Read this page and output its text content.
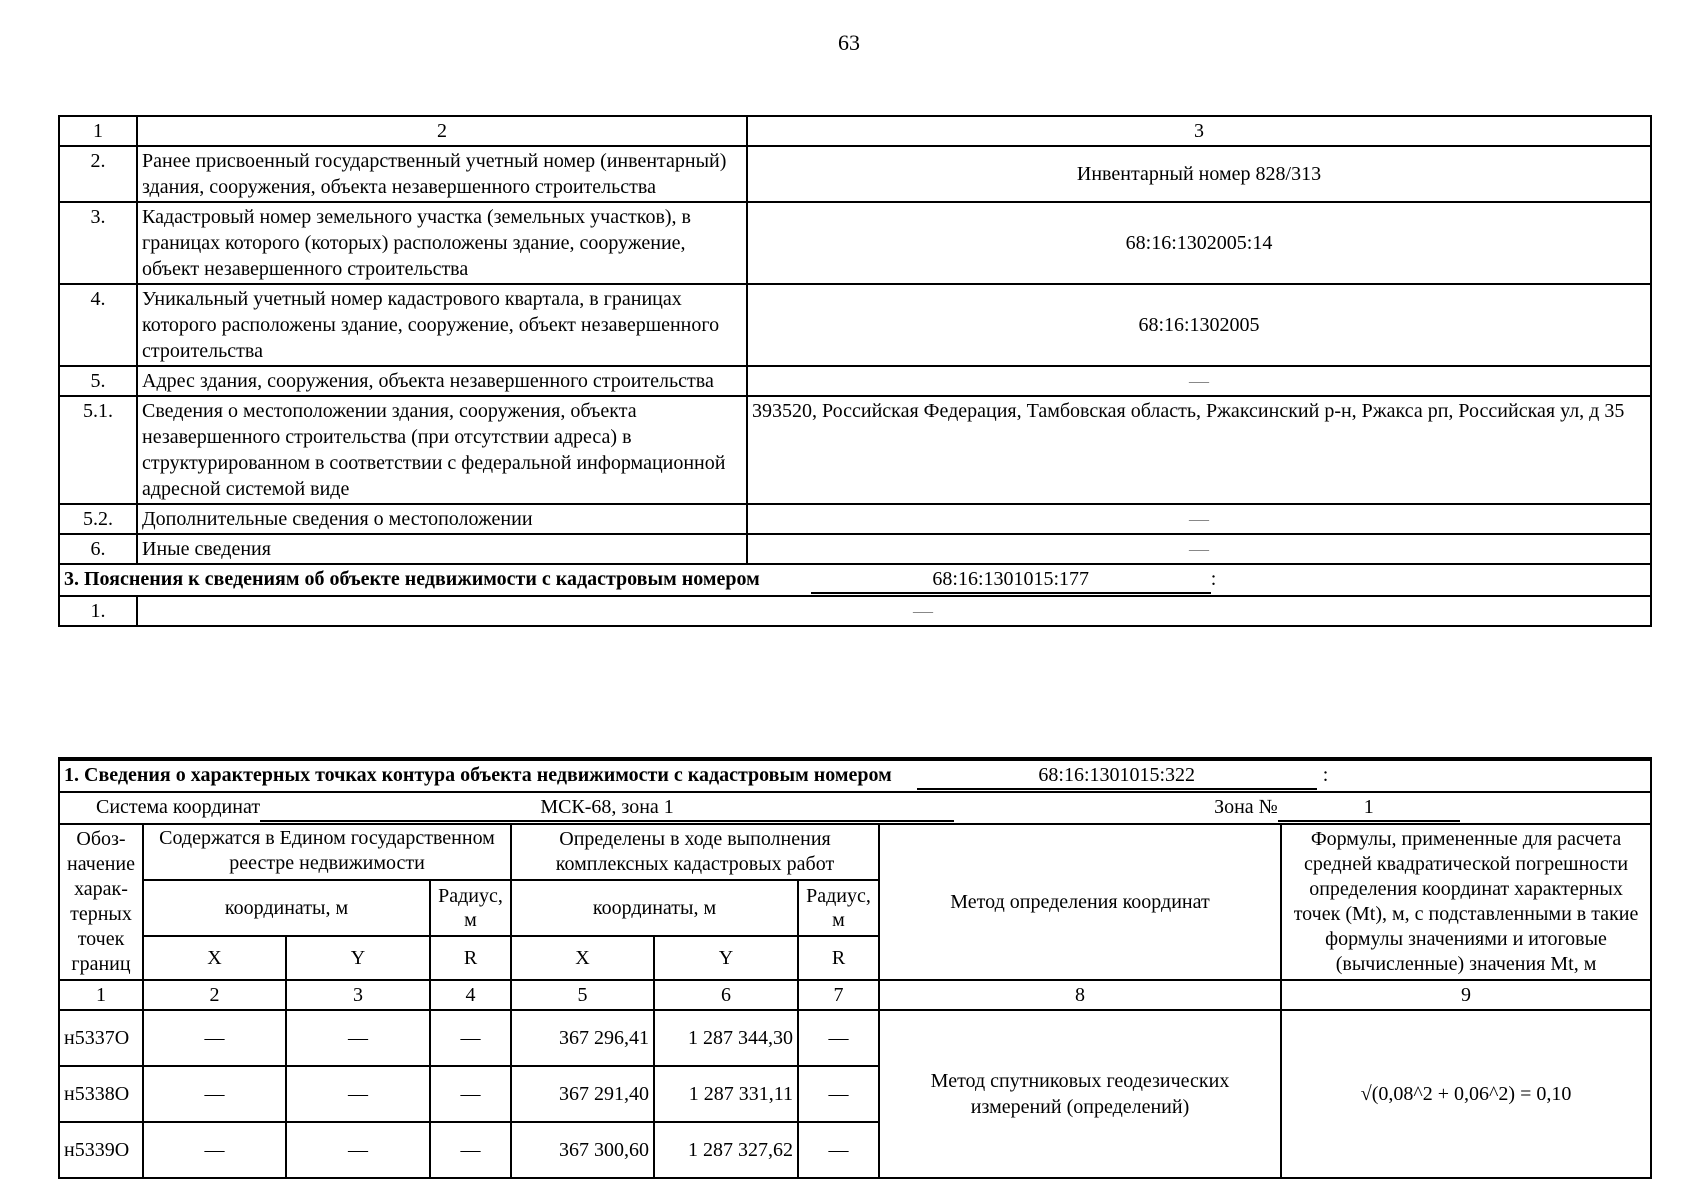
63
1	2	3
2.	Ранее присвоенный государственный учетный номер (инвентарный) здания, сооружения, объекта незавершенного строительства	Инвентарный номер 828/313
3.	Кадастровый номер земельного участка (земельных участков), в границах которого (которых) расположены здание, сооружение, объект незавершенного строительства	68:16:1302005:14
4.	Уникальный учетный номер кадастрового квартала, в границах которого расположены здание, сооружение, объект незавершенного строительства	68:16:1302005
5.	Адрес здания, сооружения, объекта незавершенного строительства	—
5.1.	Сведения о местоположении здания, сооружения, объекта незавершенного строительства (при отсутствии адреса) в структурированном в соответствии с федеральной информационной адресной системой виде	393520, Российская Федерация, Тамбовская область, Ржаксинский р-н, Ржакса рп, Российская ул, д 35
5.2.	Дополнительные сведения о местоположении	—
6.	Иные сведения	—
3. Пояснения к сведениям об объекте недвижимости с кадастровым номером 68:16:1301015:177 :		
1.	—	
1. Сведения о характерных точках контура объекта недвижимости с кадастровым номером 68:16:1301015:322 :								
Система координат МСК-68, зона 1 Зона № 1								
Обоз-начение харак-терных точек границ	Содержатся в Едином государственном реестре недвижимости			Определены в ходе выполнения комплексных кадастровых работ			Метод определения координат	Формулы, примененные для расчета средней квадратической погрешности определения координат характерных точек (Mt), м, с подставленными в такие формулы значениями и итоговые (вычисленные) значения Mt, м
	координаты, м		Радиус, м	координаты, м		Радиус, м		
	X	Y	R	X	Y	R		
1	2	3	4	5	6	7	8	9
н5337О	—	—	—	367 296,41	1 287 344,30	—	Метод спутниковых геодезических измерений (определений)	√(0,08^2 + 0,06^2) = 0,10
н5338О	—	—	—	367 291,40	1 287 331,11	—		
н5339О	—	—	—	367 300,60	1 287 327,62	—		
